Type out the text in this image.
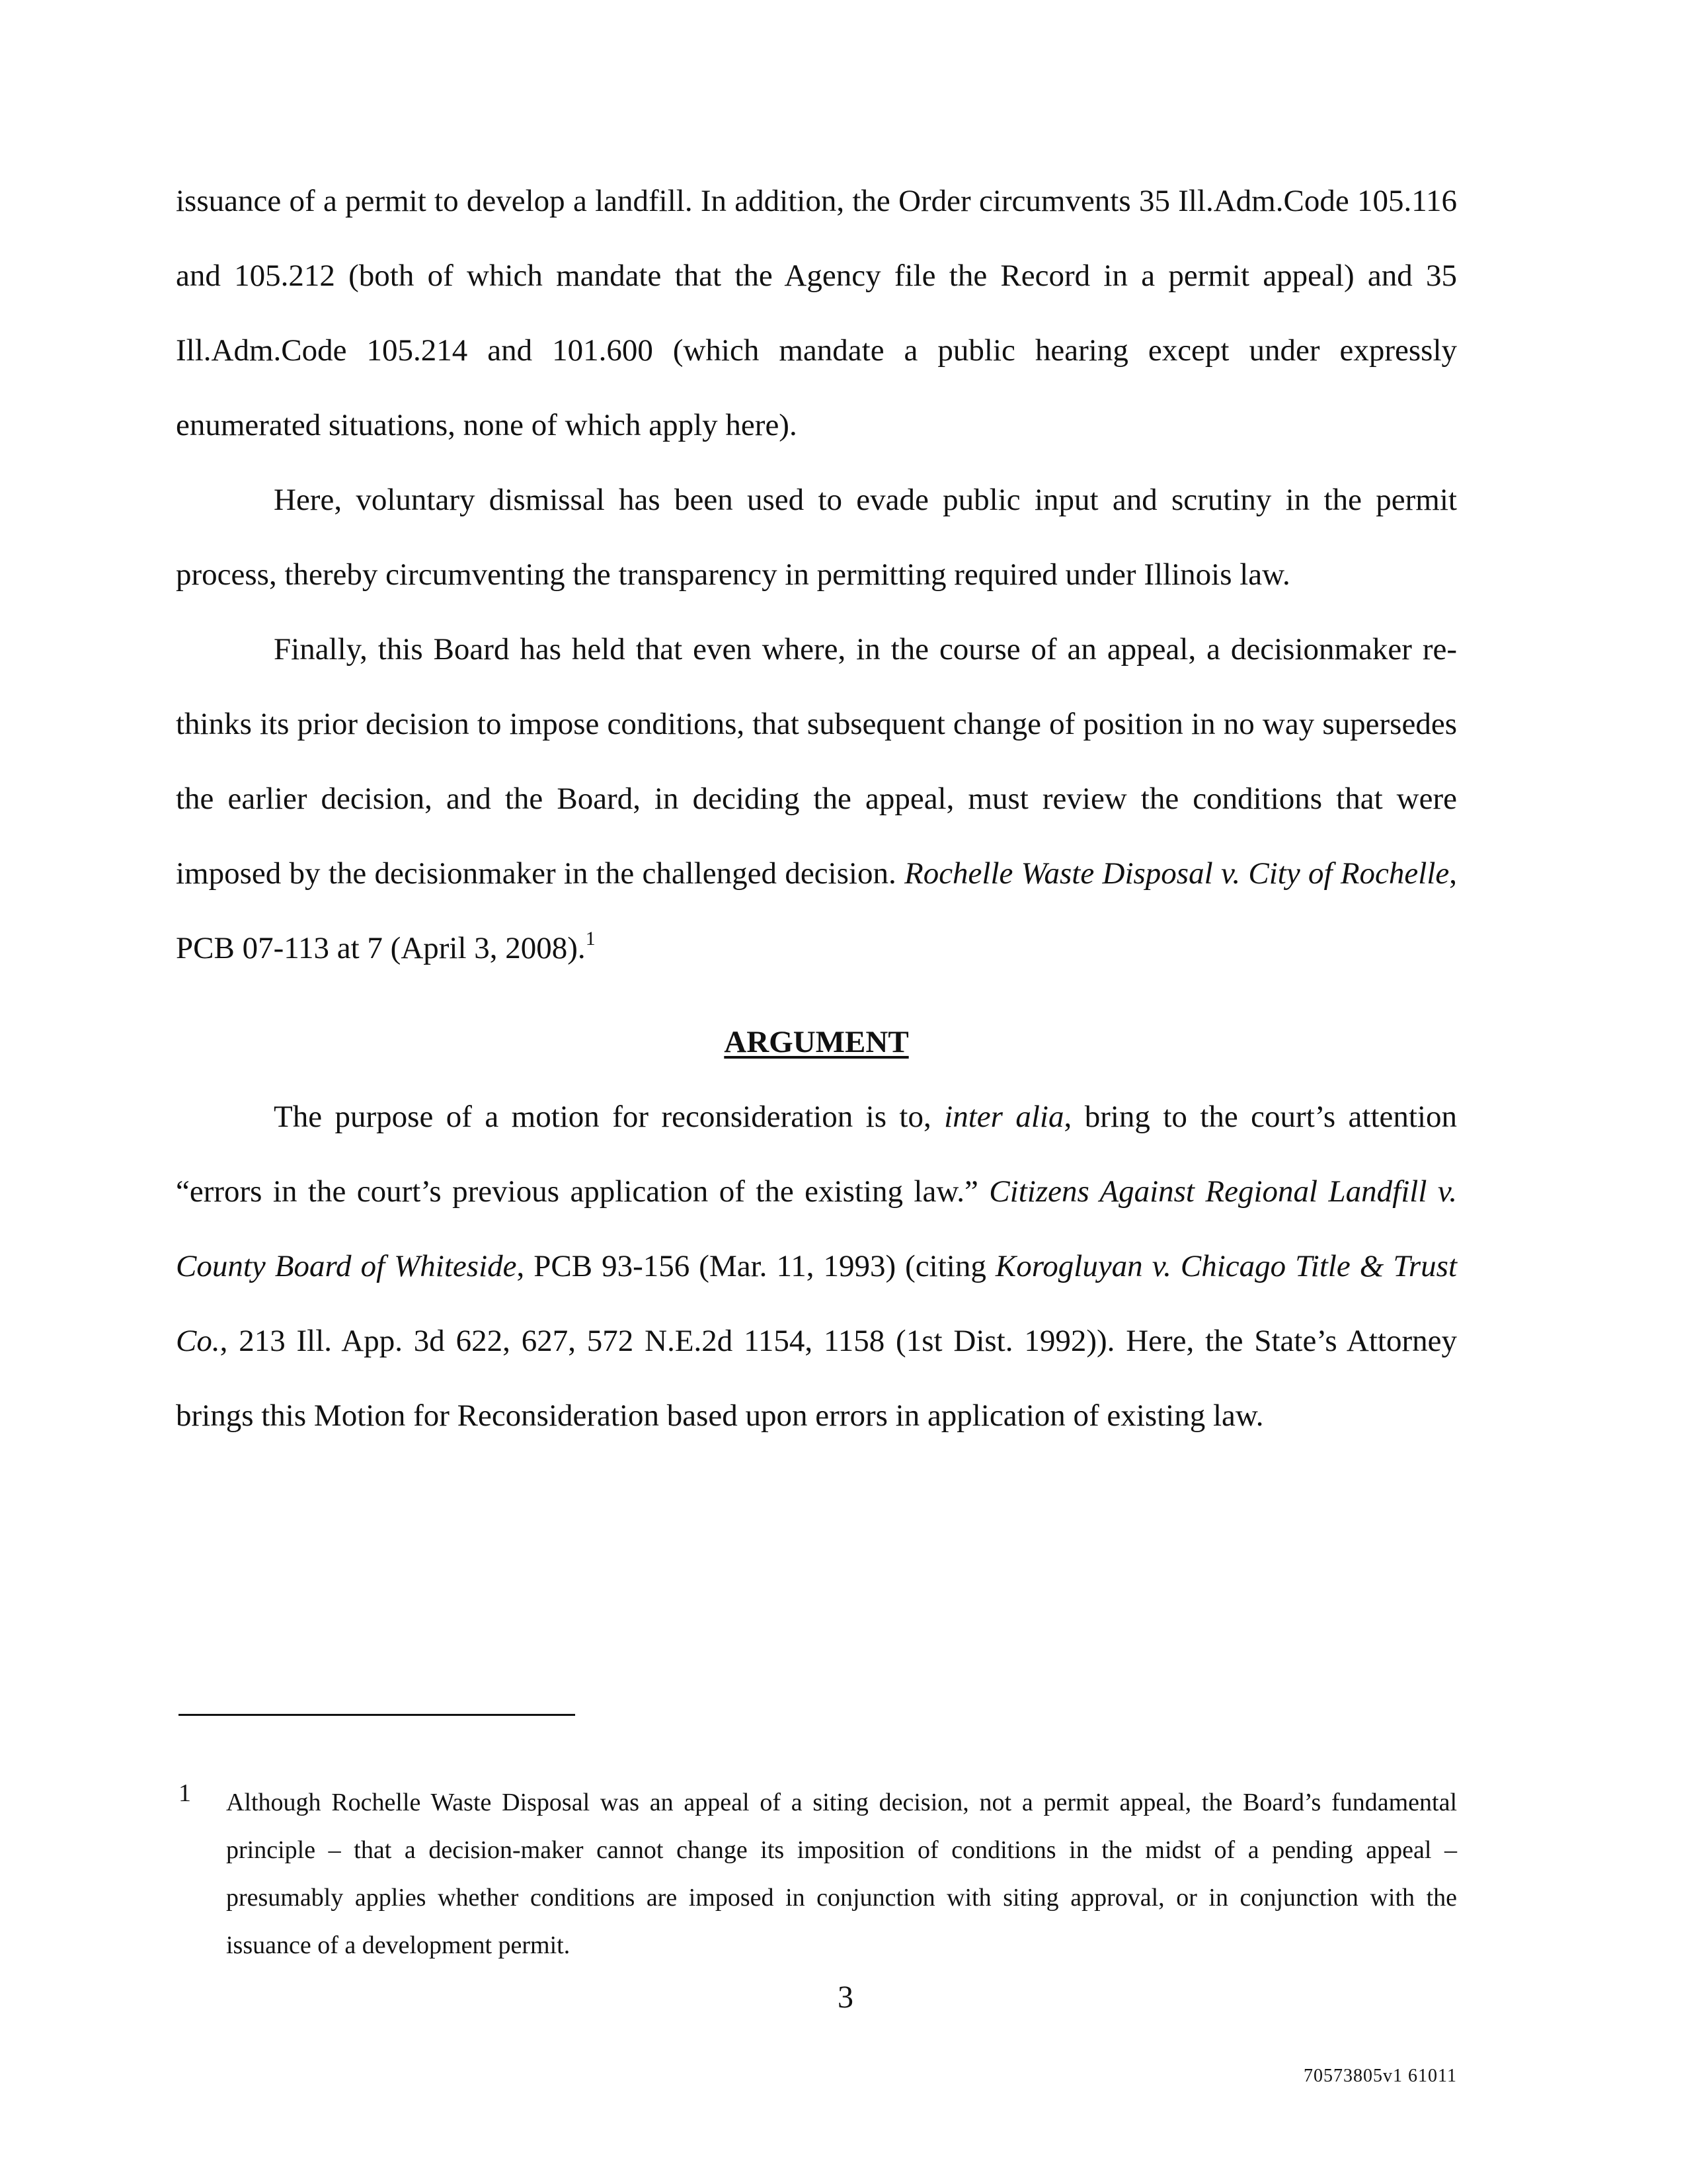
issuance of a permit to develop a landfill. In addition, the Order circumvents 35 Ill.Adm.Code 105.116 and 105.212 (both of which mandate that the Agency file the Record in a permit appeal) and 35 Ill.Adm.Code 105.214 and 101.600 (which mandate a public hearing except under expressly enumerated situations, none of which apply here).

Here, voluntary dismissal has been used to evade public input and scrutiny in the permit process, thereby circumventing the transparency in permitting required under Illinois law.

Finally, this Board has held that even where, in the course of an appeal, a decisionmaker re-thinks its prior decision to impose conditions, that subsequent change of position in no way supersedes the earlier decision, and the Board, in deciding the appeal, must review the conditions that were imposed by the decisionmaker in the challenged decision. Rochelle Waste Disposal v. City of Rochelle, PCB 07-113 at 7 (April 3, 2008).$^1$

ARGUMENT

The purpose of a motion for reconsideration is to, inter alia, bring to the court’s attention “errors in the court’s previous application of the existing law.” Citizens Against Regional Landfill v. County Board of Whiteside, PCB 93-156 (Mar. 11, 1993) (citing Korogluyan v. Chicago Title & Trust Co., 213 Ill. App. 3d 622, 627, 572 N.E.2d 1154, 1158 (1st Dist. 1992)). Here, the State’s Attorney brings this Motion for Reconsideration based upon errors in application of existing law.

1	Although Rochelle Waste Disposal was an appeal of a siting decision, not a permit appeal, the Board’s fundamental principle – that a decision-maker cannot change its imposition of conditions in the midst of a pending appeal – presumably applies whether conditions are imposed in conjunction with siting approval, or in conjunction with the issuance of a development permit.

3

70573805v1 61011
